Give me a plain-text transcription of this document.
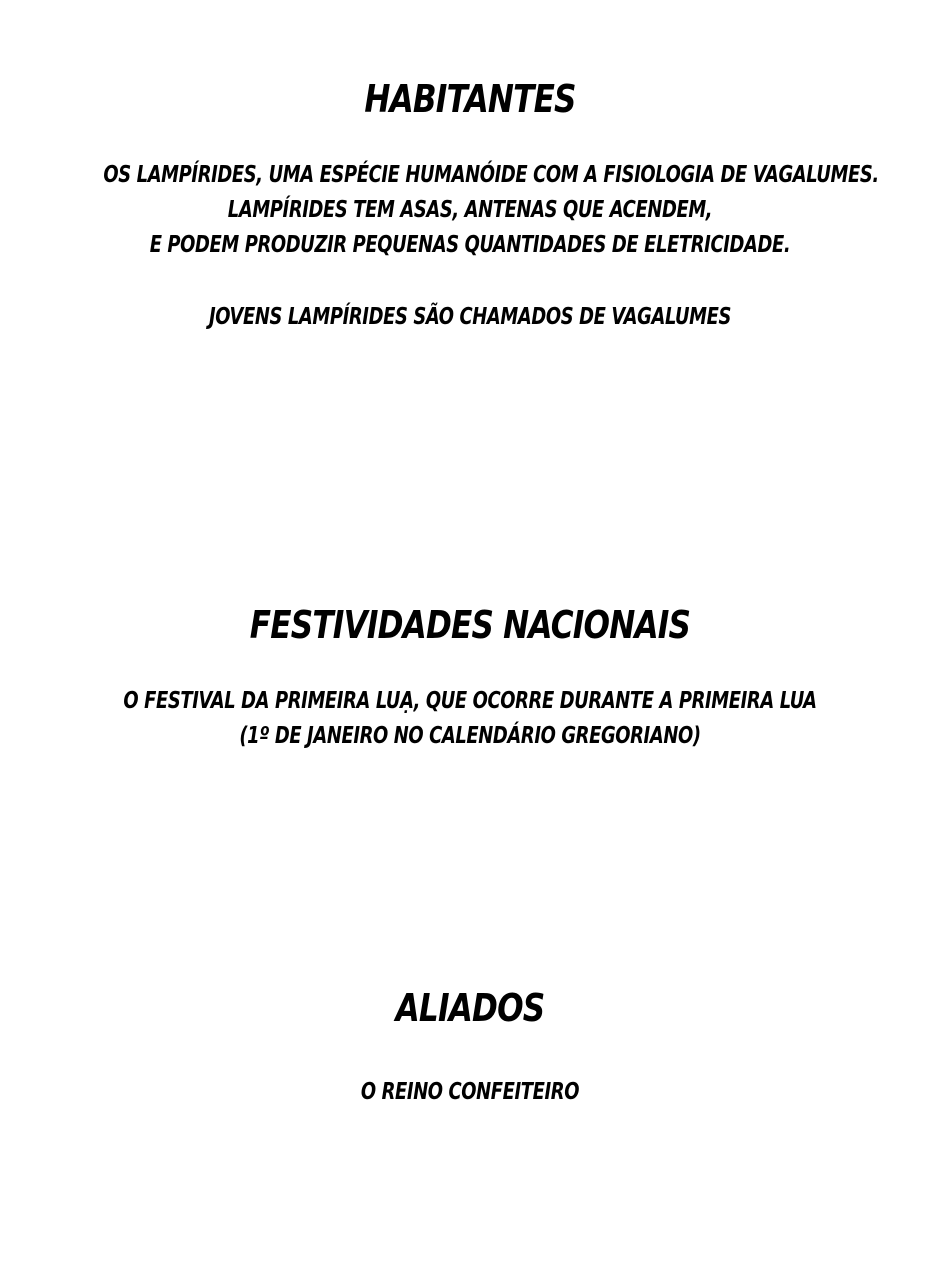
HABITANTES

OS LAMPÍRIDES, UMA ESPÉCIE HUMANÓIDE COM A FISIOLOGIA DE VAGALUMES.

LAMPÍRIDES TEM ASAS, ANTENAS QUE ACENDEM,

E PODEM PRODUZIR PEQUENAS QUANTIDADES DE ELETRICIDADE.

JOVENS LAMPÍRIDES SÃO CHAMADOS DE VAGALUMES

FESTIVIDADES NACIONAIS

O FESTIVAL DA PRIMEIRA LUẠ, QUE OCORRE DURANTE A PRIMEIRA LUA

(1º DE JANEIRO NO CALENDÁRIO GREGORIANO)

ALIADOS

O REINO CONFEITEIRO
